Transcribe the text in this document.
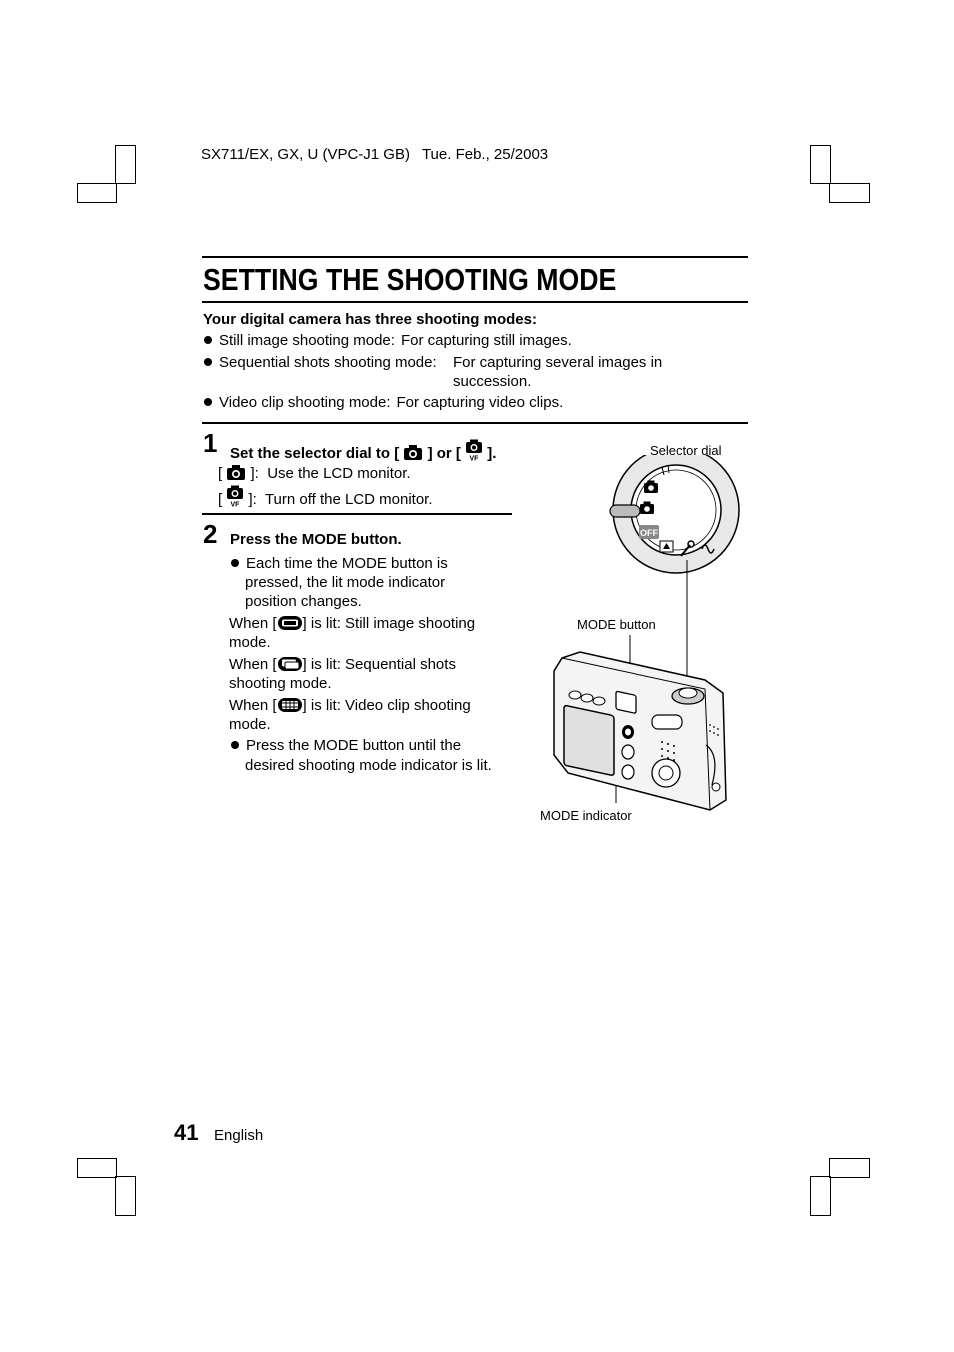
SX711/EX, GX, U (VPC-J1 GB) Tue. Feb., 25/2003
SETTING THE SHOOTING MODE
Your digital camera has three shooting modes:
Still image shooting mode: For capturing still images.
Sequential shots shooting mode: For capturing several images in
succession.
Video clip shooting mode: For capturing video clips.
1 Set the selector dial to [ ] or [ VF ].
[ ]: Use the LCD monitor.
[ VF ]: Turn off the LCD monitor.
2 Press the MODE button.
Each time the MODE button is
pressed, the lit mode indicator
position changes.
When [ ] is lit: Still image shooting
mode.
When [ ] is lit: Sequential shots
shooting mode.
When [ ] is lit: Video clip shooting
mode.
Press the MODE button until the
desired shooting mode indicator is lit.
Selector dial
MODE button
MODE indicator
OFF
41 English
